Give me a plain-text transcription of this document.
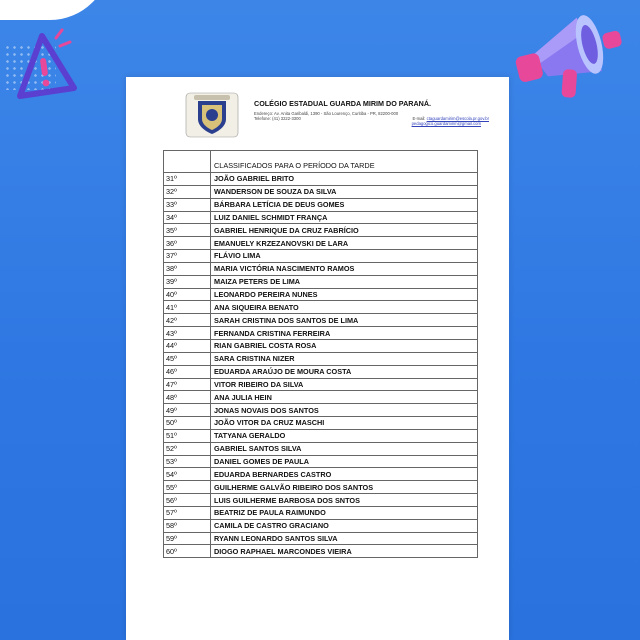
COLÉGIO ESTADUAL GUARDA MIRIM DO PARANÁ.
Endereço: Av. Anita Garibaldi, 1390 - São Lourenço, Curitiba - PR, 82200-000
Telefone: (41) 3222-3300	E-mail: ctaguardamirim@escola.pr.gov.br
pedagogico.guardamirim@gmail.com
	CLASSIFICADOS PARA O PERÍODO DA TARDE
31º	JOÃO GABRIEL BRITO
32º	WANDERSON DE SOUZA DA SILVA
33º	BÁRBARA LETÍCIA DE DEUS GOMES
34º	LUIZ DANIEL SCHMIDT FRANÇA
35º	GABRIEL HENRIQUE DA CRUZ FABRÍCIO
36º	EMANUELY KRZEZANOVSKI DE LARA
37º	FLÁVIO LIMA
38º	MARIA VICTÓRIA NASCIMENTO RAMOS
39º	MAIZA PETERS DE LIMA
40º	LEONARDO PEREIRA NUNES
41º	ANA SIQUEIRA BENATO
42º	SARAH CRISTINA DOS SANTOS DE LIMA
43º	FERNANDA CRISTINA FERREIRA
44º	RIAN GABRIEL COSTA ROSA
45º	SARA CRISTINA NIZER
46º	EDUARDA ARAÚJO DE MOURA COSTA
47º	VITOR RIBEIRO DA SILVA
48º	ANA JULIA HEIN
49º	JONAS NOVAIS DOS SANTOS
50º	JOÃO VITOR DA CRUZ MASCHI
51º	TATYANA GERALDO
52º	GABRIEL SANTOS SILVA
53º	DANIEL GOMES DE PAULA
54º	EDUARDA BERNARDES CASTRO
55º	GUILHERME GALVÃO RIBEIRO DOS SANTOS
56º	LUIS GUILHERME BARBOSA DOS SNTOS
57º	BEATRIZ DE PAULA RAIMUNDO
58º	CAMILA DE CASTRO GRACIANO
59º	RYANN LEONARDO SANTOS SILVA
60º	DIOGO RAPHAEL MARCONDES VIEIRA
